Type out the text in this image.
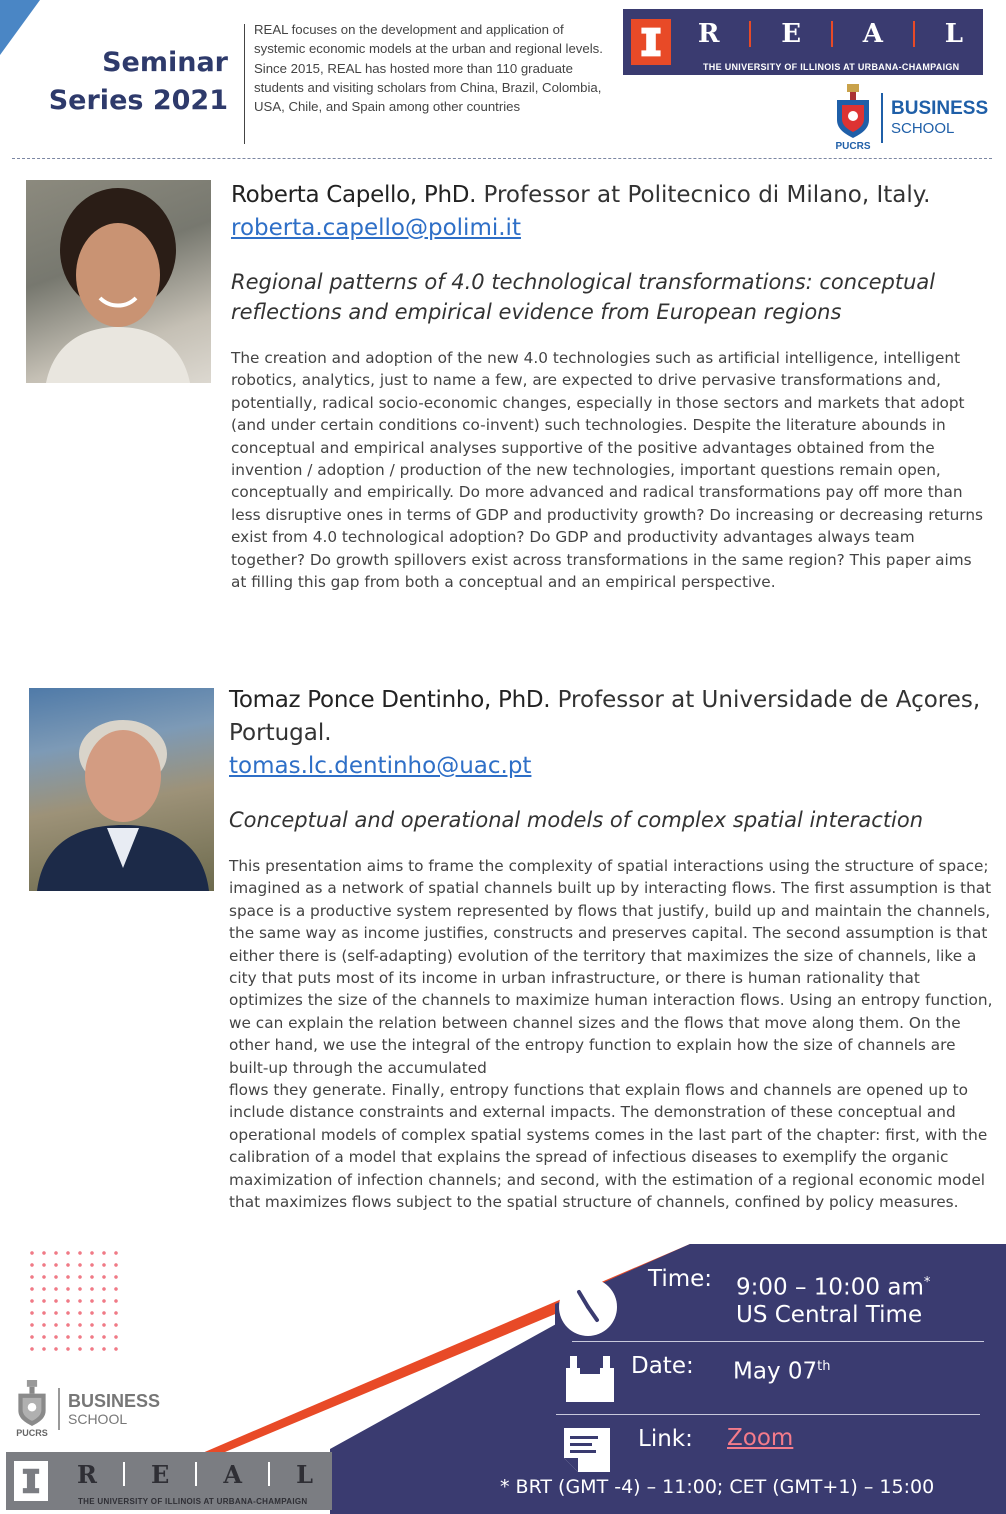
Seminar
Series 2021
REAL focuses on the development and application of systemic economic models at the urban and regional levels. Since 2015, REAL has hosted more than 110 graduate students and visiting scholars from China, Brazil, Colombia, USA, Chile, and Spain among other countries
R E A L
THE UNIVERSITY OF ILLINOIS AT URBANA-CHAMPAIGN
PUCRS
BUSINESS
SCHOOL
Roberta Capello, PhD. Professor at Politecnico di Milano, Italy.
roberta.capello@polimi.it
Regional patterns of 4.0 technological transformations: conceptual reflections and empirical evidence from European regions
The creation and adoption of the new 4.0 technologies such as artificial intelligence, intelligent robotics, analytics, just to name a few, are expected to drive pervasive transformations and, potentially, radical socio-economic changes, especially in those sectors and markets that adopt (and under certain conditions co-invent) such technologies. Despite the literature abounds in conceptual and empirical analyses supportive of the positive advantages obtained from the invention / adoption / production of the new technologies, important questions remain open, conceptually and empirically. Do more advanced and radical transformations pay off more than less disruptive ones in terms of GDP and productivity growth? Do increasing or decreasing returns exist from 4.0 technological adoption? Do GDP and productivity advantages always team together? Do growth spillovers exist across transformations in the same region? This paper aims at filling this gap from both a conceptual and an empirical perspective.
Tomaz Ponce Dentinho, PhD. Professor at Universidade de Açores, Portugal.
tomas.lc.dentinho@uac.pt
Conceptual and operational models of complex spatial interaction
This presentation aims to frame the complexity of spatial interactions using the structure of space; imagined as a network of spatial channels built up by interacting flows. The first assumption is that space is a productive system represented by flows that justify, build up and maintain the channels, the same way as income justifies, constructs and preserves capital. The second assumption is that either there is (self-adapting) evolution of the territory that maximizes the size of channels, like a city that puts most of its income in urban infrastructure, or there is human rationality that optimizes the size of the channels to maximize human interaction flows. Using an entropy function, we can explain the relation between channel sizes and the flows that move along them. On the other hand, we use the integral of the entropy function to explain how the size of channels are built-up through the accumulated
flows they generate. Finally, entropy functions that explain flows and channels are opened up to include distance constraints and external impacts. The demonstration of these conceptual and operational models of complex spatial systems comes in the last part of the chapter: first, with the calibration of a model that explains the spread of infectious diseases to exemplify the organic maximization of infection channels; and second, with the estimation of a regional economic model that maximizes flows subject to the spatial structure of channels, confined by policy measures.
Time: 9:00 – 10:00 am*
US Central Time
Date: May 07th
Link: Zoom
* BRT (GMT -4) – 11:00; CET (GMT+1) – 15:00
PUCRS
BUSINESS
SCHOOL
R E A L
THE UNIVERSITY OF ILLINOIS AT URBANA-CHAMPAIGN
